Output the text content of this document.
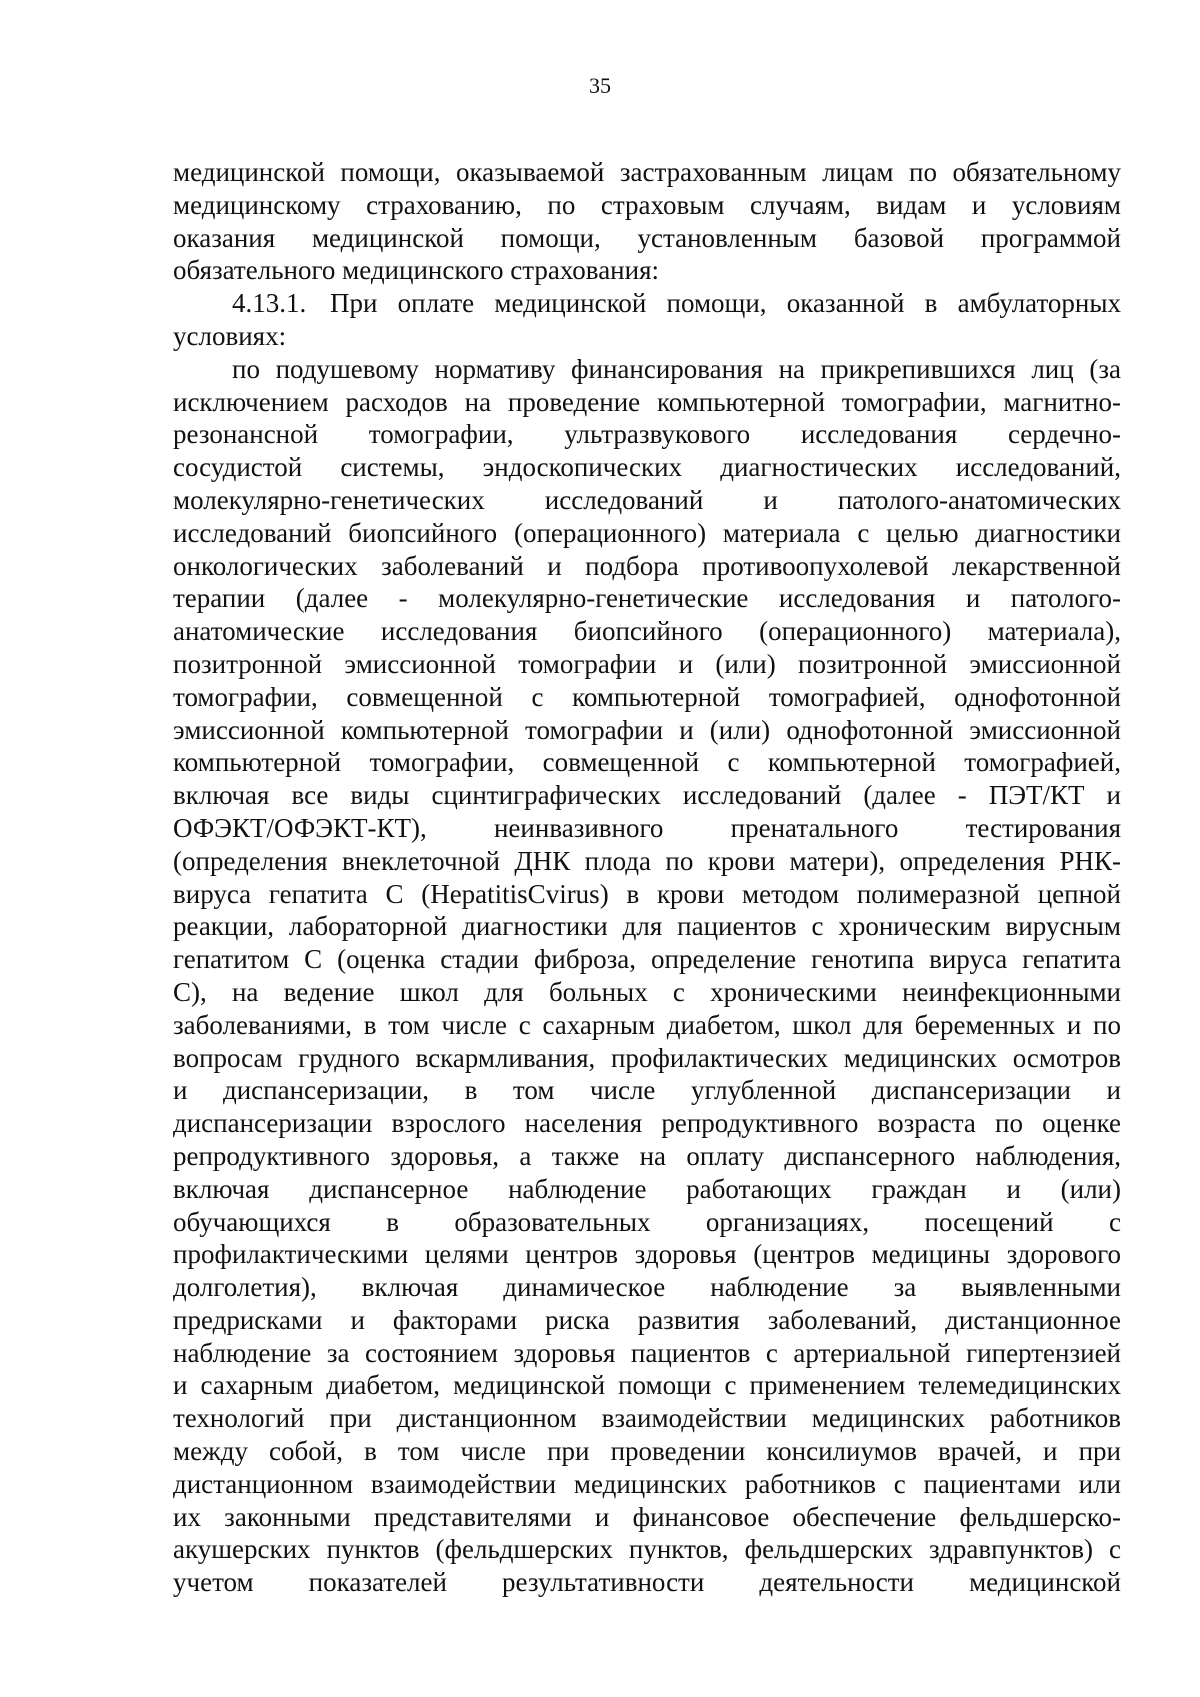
35
медицинской помощи, оказываемой застрахованным лицам по обязательному
медицинскому страхованию, по страховым случаям, видам и условиям
оказания медицинской помощи, установленным базовой программой
обязательного медицинского страхования:
4.13.1. При оплате медицинской помощи, оказанной в амбулаторных
условиях:
по подушевому нормативу финансирования на прикрепившихся лиц (за
исключением расходов на проведение компьютерной томографии, магнитно-
резонансной томографии, ультразвукового исследования сердечно-
сосудистой системы, эндоскопических диагностических исследований,
молекулярно-генетических исследований и патолого-анатомических
исследований биопсийного (операционного) материала с целью диагностики
онкологических заболеваний и подбора противоопухолевой лекарственной
терапии (далее - молекулярно-генетические исследования и патолого-
анатомические исследования биопсийного (операционного) материала),
позитронной эмиссионной томографии и (или) позитронной эмиссионной
томографии, совмещенной с компьютерной томографией, однофотонной
эмиссионной компьютерной томографии и (или) однофотонной эмиссионной
компьютерной томографии, совмещенной с компьютерной томографией,
включая все виды сцинтиграфических исследований (далее - ПЭТ/КТ и
ОФЭКТ/ОФЭКТ-КТ), неинвазивного пренатального тестирования
(определения внеклеточной ДНК плода по крови матери), определения РНК-
вируса гепатита С (HepatitisCvirus) в крови методом полимеразной цепной
реакции, лабораторной диагностики для пациентов с хроническим вирусным
гепатитом С (оценка стадии фиброза, определение генотипа вируса гепатита
С), на ведение школ для больных с хроническими неинфекционными
заболеваниями, в том числе с сахарным диабетом, школ для беременных и по
вопросам грудного вскармливания, профилактических медицинских осмотров
и диспансеризации, в том числе углубленной диспансеризации и
диспансеризации взрослого населения репродуктивного возраста по оценке
репродуктивного здоровья, а также на оплату диспансерного наблюдения,
включая диспансерное наблюдение работающих граждан и (или)
обучающихся в образовательных организациях, посещений с
профилактическими целями центров здоровья (центров медицины здорового
долголетия), включая динамическое наблюдение за выявленными
предрисками и факторами риска развития заболеваний, дистанционное
наблюдение за состоянием здоровья пациентов с артериальной гипертензией
и сахарным диабетом, медицинской помощи с применением телемедицинских
технологий при дистанционном взаимодействии медицинских работников
между собой, в том числе при проведении консилиумов врачей, и при
дистанционном взаимодействии медицинских работников с пациентами или
их законными представителями и финансовое обеспечение фельдшерско-
акушерских пунктов (фельдшерских пунктов, фельдшерских здравпунктов) с
учетом показателей результативности деятельности медицинской
